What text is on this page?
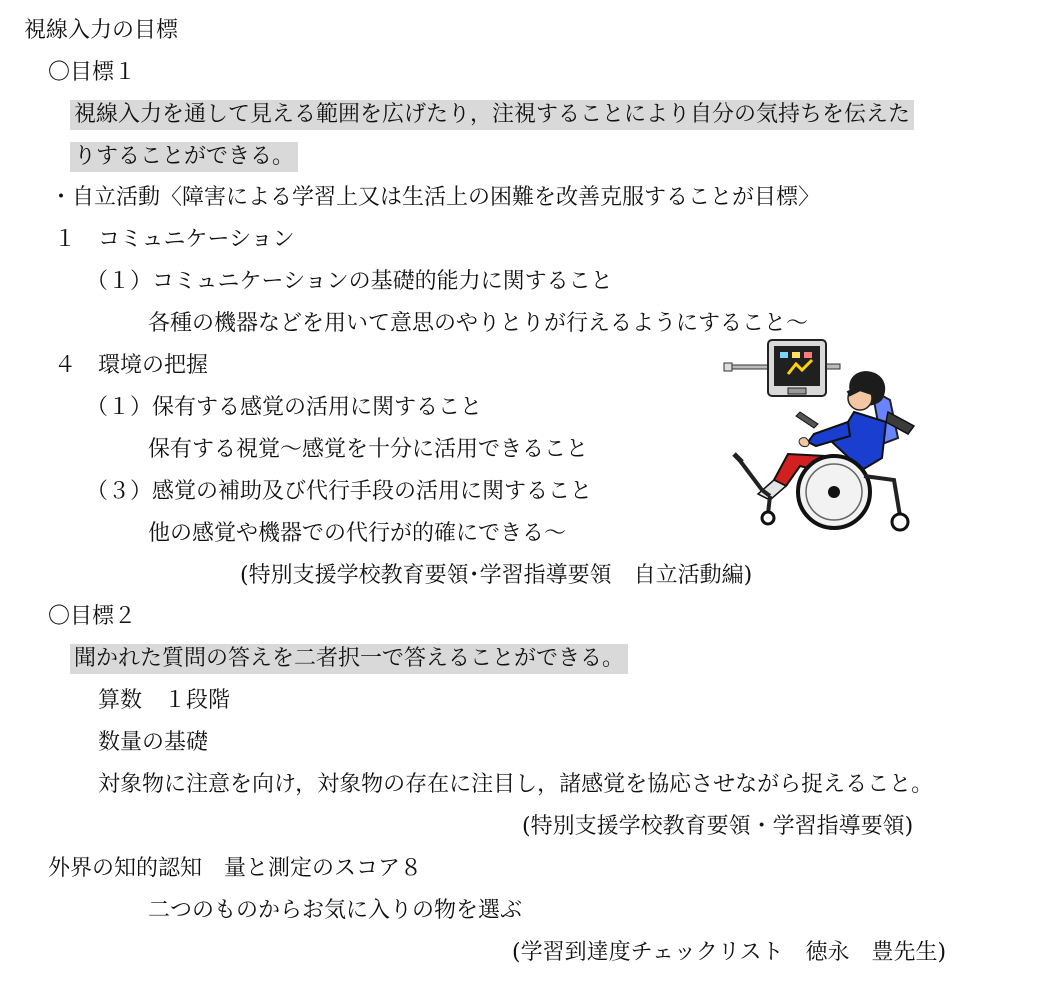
視線入力の目標
〇目標１
視線入力を通して見える範囲を広げたり，注視することにより自分の気持ちを伝えた
りすることができる。
・自立活動〈障害による学習上又は生活上の困難を改善克服することが目標〉
１　コミュニケーション
（１）コミュニケーションの基礎的能力に関すること
各種の機器などを用いて意思のやりとりが行えるようにすること～
４　環境の把握
（１）保有する感覚の活用に関すること
保有する視覚～感覚を十分に活用できること
（３）感覚の補助及び代行手段の活用に関すること
他の感覚や機器での代行が的確にできる～
(特別支援学校教育要領･学習指導要領　自立活動編)
〇目標２
聞かれた質問の答えを二者択一で答えることができる。
算数　１段階
数量の基礎
対象物に注意を向け，対象物の存在に注目し，諸感覚を協応させながら捉えること。
(特別支援学校教育要領・学習指導要領)
外界の知的認知　量と測定のスコア８
二つのものからお気に入りの物を選ぶ
(学習到達度チェックリスト　徳永　豊先生)
